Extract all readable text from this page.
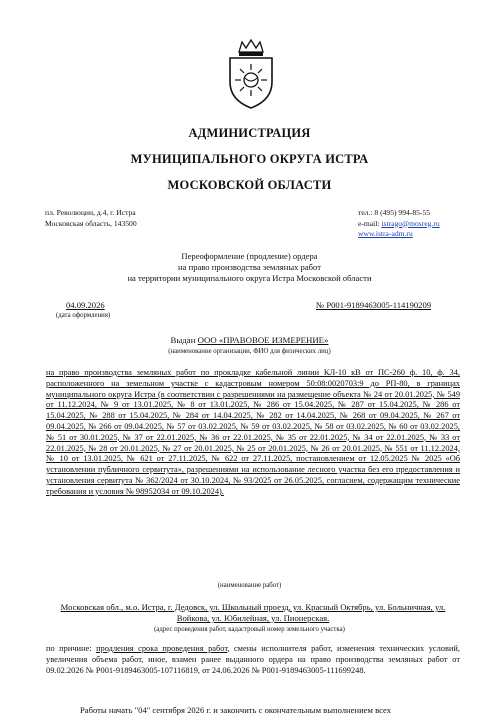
АДМИНИСТРАЦИЯ
МУНИЦИПАЛЬНОГО ОКРУГА ИСТРА
МОСКОВСКОЙ ОБЛАСТИ
пл. Революции, д.4, г. Истра
Московская область, 143500
тел.: 8 (495) 994-85-55
e-mail: istrago@mosreg.ru
www.istra-adm.ru
Переоформление (продление) ордера
на право производства земляных работ
на территории муниципального округа Истра Московской области
04.09.2026
(дата оформления)
№ Р001-9189463005-114190209
Выдан ООО «ПРАВОВОЕ ИЗМЕРЕНИЕ»
(наименование организации, ФИО для физических лиц)
на право производства земляных работ по прокладке кабельной линии КЛ-10 кВ от ПС-260 ф. 10, ф. 34, расположенного на земельном участке с кадастровым номером 50:08:0020703:9 до РП-80, в границах муниципального округа Истра (в соответствии с разрешениями на размещение объекта № 24 от 20.01.2025, № 549 от 11.12.2024, № 9 от 13.01.2025, № 8 от 13.01.2025, № 286 от 15.04.2025, № 287 от 15.04.2025, № 286 от 15.04.2025, № 288 от 15.04.2025, № 284 от 14.04.2025, № 282 от 14.04.2025, № 268 от 09.04.2025, № 267 от 09.04.2025, № 266 от 09.04.2025, № 57 от 03.02.2025, № 59 от 03.02.2025, № 58 от 03.02.2025, № 60 от 03.02.2025, № 51 от 30.01.2025, № 37 от 22.01.2025, № 36 от 22.01.2025, № 35 от 22.01.2025, № 34 от 22.01.2025, № 33 от 22.01.2025, № 28 от 20.01.2025, № 27 от 20.01.2025, № 25 от 20.01.2025, № 26 от 20.01.2025, № 551 от 11.12.2024, № 10 от 13.01.2025, № 621 от 27.11.2025, № 622 от 27.11.2025, постановлением от 12.05.2025 № 2025 «Об установлении публичного сервитута», разрешениями на использование лесного участка без его предоставления и установления сервитута № 362/2024 от 30.10.2024, № 93/2025 от 26.05.2025, согласием, содержащим технические требования и условия № 98952034 от 09.10.2024).
(наименование работ)
Московская обл., м.о. Истра, г. Дедовск, ул. Школьный проезд, ул. Красный Октябрь, ул. Больничная, ул. Войкова, ул. Юбилейная, ул. Пионерская.
(адрес проведения работ, кадастровый номер земельного участка)
по причине: продления срока проведения работ, смены исполнителя работ, изменения технических условий, увеличения объема работ, иное, взамен ранее выданного ордера на право производства земляных работ от 09.02.2026 № Р001-9189463005-107116819, от 24.06.2026 № Р001-9189463005-111699248.
Работы начать "04" сентября 2026 г. и закончить с окончательным выполнением всех
